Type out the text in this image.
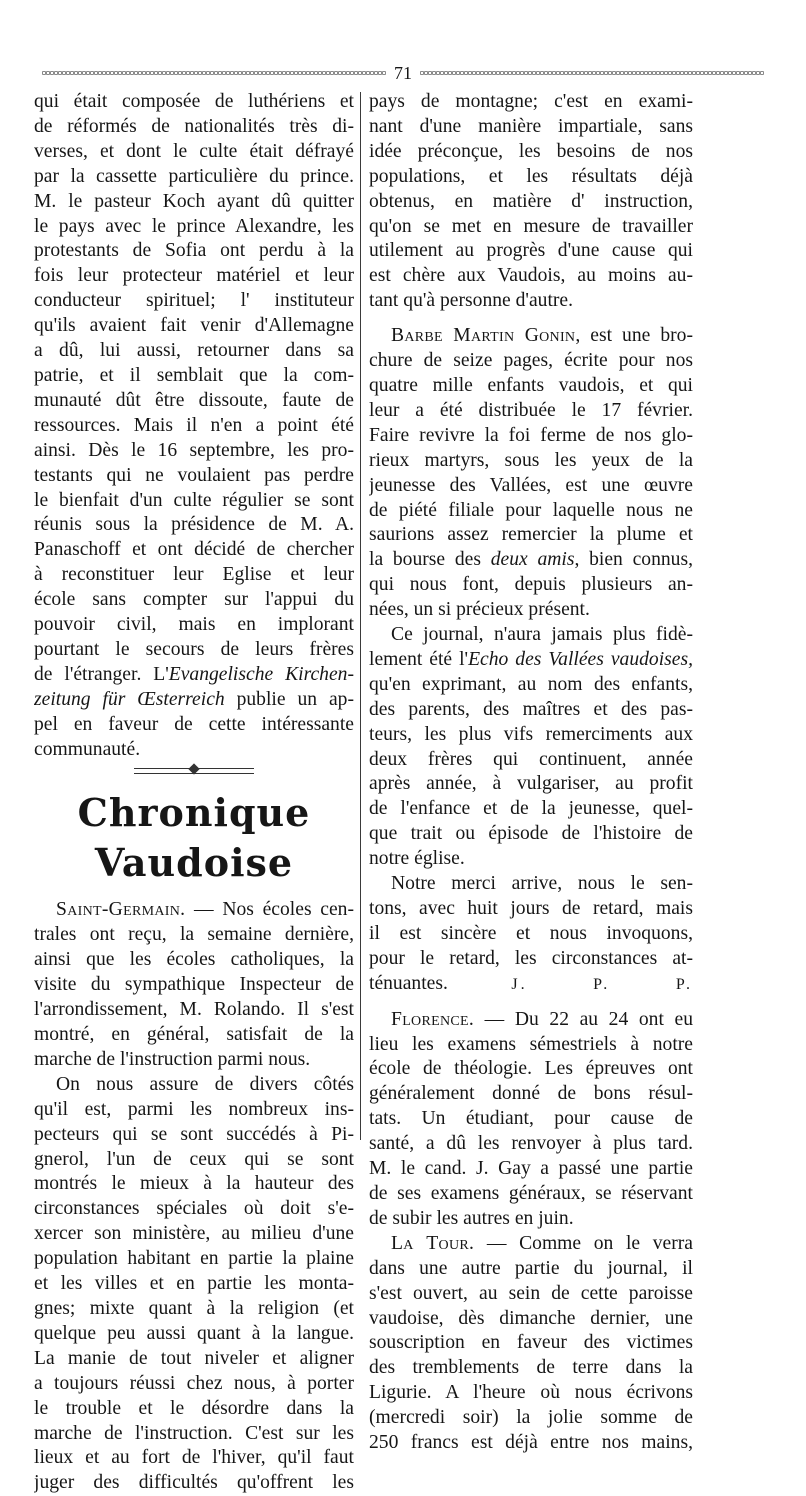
71
qui était composée de luthériens et
de réformés de nationalités très di-
verses, et dont le culte était défrayé
par la cassette particulière du prince.
M. le pasteur Koch ayant dû quitter
le pays avec le prince Alexandre, les
protestants de Sofia ont perdu à la
fois leur protecteur matériel et leur
conducteur spirituel; l' instituteur
qu'ils avaient fait venir d'Allemagne
a dû, lui aussi, retourner dans sa
patrie, et il semblait que la com-
munauté dût être dissoute, faute de
ressources. Mais il n'en a point été
ainsi. Dès le 16 septembre, les pro-
testants qui ne voulaient pas perdre
le bienfait d'un culte régulier se sont
réunis sous la présidence de M. A.
Panaschoff et ont décidé de chercher
à reconstituer leur Eglise et leur
école sans compter sur l'appui du
pouvoir civil, mais en implorant
pourtant le secours de leurs frères
de l'étranger. L'Evangelische Kirchen-
zeitung für Œsterreich publie un ap-
pel en faveur de cette intéressante
communauté.
Chronique Vaudoise
Saint-Germain. — Nos écoles cen-
trales ont reçu, la semaine dernière,
ainsi que les écoles catholiques, la
visite du sympathique Inspecteur de
l'arrondissement, M. Rolando. Il s'est
montré, en général, satisfait de la
marche de l'instruction parmi nous.
On nous assure de divers côtés
qu'il est, parmi les nombreux ins-
pecteurs qui se sont succédés à Pi-
gnerol, l'un de ceux qui se sont
montrés le mieux à la hauteur des
circonstances spéciales où doit s'e-
xercer son ministère, au milieu d'une
population habitant en partie la plaine
et les villes et en partie les monta-
gnes; mixte quant à la religion (et
quelque peu aussi quant à la langue.
La manie de tout niveler et aligner
a toujours réussi chez nous, à porter
le trouble et le désordre dans la
marche de l'instruction. C'est sur les
lieux et au fort de l'hiver, qu'il faut
juger des difficultés qu'offrent les
pays de montagne; c'est en exami-
nant d'une manière impartiale, sans
idée préconçue, les besoins de nos
populations, et les résultats déjà
obtenus, en matière d' instruction,
qu'on se met en mesure de travailler
utilement au progrès d'une cause qui
est chère aux Vaudois, au moins au-
tant qu'à personne d'autre.
Barbe Martin Gonin, est une bro-
chure de seize pages, écrite pour nos
quatre mille enfants vaudois, et qui
leur a été distribuée le 17 février.
Faire revivre la foi ferme de nos glo-
rieux martyrs, sous les yeux de la
jeunesse des Vallées, est une œuvre
de piété filiale pour laquelle nous ne
saurions assez remercier la plume et
la bourse des deux amis, bien connus,
qui nous font, depuis plusieurs an-
nées, un si précieux présent.
Ce journal, n'aura jamais plus fidè-
lement été l'Echo des Vallées vaudoises,
qu'en exprimant, au nom des enfants,
des parents, des maîtres et des pas-
teurs, les plus vifs remerciments aux
deux frères qui continuent, année
après année, à vulgariser, au profit
de l'enfance et de la jeunesse, quel-
que trait ou épisode de l'histoire de
notre église.
Notre merci arrive, nous le sen-
tons, avec huit jours de retard, mais
il est sincère et nous invoquons,
pour le retard, les circonstances at-
ténuantes.	J. P. P.
Florence. — Du 22 au 24 ont eu
lieu les examens sémestriels à notre
école de théologie. Les épreuves ont
généralement donné de bons résul-
tats. Un étudiant, pour cause de
santé, a dû les renvoyer à plus tard.
M. le cand. J. Gay a passé une partie
de ses examens généraux, se réservant
de subir les autres en juin.
La Tour. — Comme on le verra
dans une autre partie du journal, il
s'est ouvert, au sein de cette paroisse
vaudoise, dès dimanche dernier, une
souscription en faveur des victimes
des tremblements de terre dans la
Ligurie. A l'heure où nous écrivons
(mercredi soir) la jolie somme de
250 francs est déjà entre nos mains,
